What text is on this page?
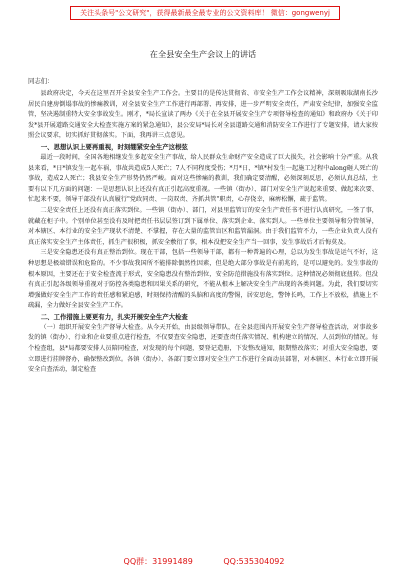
关注头条号"公文研究"，获得最新最全最专业的公文资料库！ 微信：gongwenyj
在全县安全生产会议上的讲话
同志们：

县政府决定，今天在这里召开全县安全生产工作会。主要目的是传达贯彻省、市安全生产工作会议精神，深刻吸取湖南长沙居民自建房倒塌事故的惨痛教训，对全县安全生产工作进行再部署、再安排，进一步严明安全责任，严肃安全纪律，加强安全监管，坚决遏制重特大安全事故发生。刚才，*局长宣读了两办《关于在全县开展安全生产专项督导检查的通知》和政府办《关于印发*县开展道路交通安全大检查实施方案的紧急通知》，县公安局*局长对全县道路交通和消防安全工作进行了专题安排，请大家按照会议要求，切实抓好贯彻落实。下面，我再讲三点意见。

一、思想认识上要再重视，时刻绷紧安全生产这根弦

最近一段时间，全国各地相继发生多起安全生产事故，给人民群众生命财产安全造成了巨大损失，社会影响十分严重。从我县来看，*日*镇发生一起车祸，事故共造成5人死亡；7人不同程度受伤；*月*日，*镇*村发生一起施工过程中along砸人死亡的事故，造成2人死亡；我县安全生产形势仍然严峻。面对这些惨痛的教训，我们确定要清醒，必须深刻反思，必须认真总结，主要有以下几方面的问题：一是思想认识上还没有真正引起高度重视。一些镇（街办）、部门对安全生产说起来重要、做起来次要、忙起来不要，领导干部没有认真履行"党政同责、一岗双责、齐抓共管"职责，心存侥幸，麻痹松懈，疏于监管。

二是安全责任上还没有真正落实到位。一些镇（街办）、部门，对县里监管订的安全生产责任书不进行认真研究，一签了事，就藏在柜子中。个别单位甚至没有及时把责任书层层签订到下属单位、落实到企业、落实到人。一些单位主要领导和分管领导，对本辖区、本行业的安全生产现状不清楚、不掌握，存在大量的监管盲区和监管漏洞。由于我们监管不力，一些企业负责人没有真正落实安全生产主体责任，抓生产很积极，抓安全敷衍了事，根本没把安全生产当一回事，发生事故后才后悔莫及。

三是安全隐患还没有真正整治到位。现在干部，包括一些领导干部，都有一种普遍的心理，总以为发生事故是运气不好，这种思想是极端错误和危险的。不少事故我国所不能排除偶然性因素，但是绝大部分事故是有前兆的，是可以避免的。发生事故的根本原因，主要还在于安全检查流于形式，安全隐患没有整治到位，安全防范措施没有落实到位。这种情况必须彻底扭转。但没有真正引起各级领导重视对于防控各类隐患和因果关系的研究，不能从根本上解决安全生产出现的各类问题。为此，我们要切实增强做好安全生产工作的责任感和紧迫感，时刻保持清醒的头脑和高度的警惕，居安思危，警钟长鸣，工作上不放松，措施上不疏漏，全力做好全县安全生产工作。

二、工作措施上要更有力，扎实开展安全生产大检查

（一）组织开展安全生产督导大检查。从今天开始，由县级领导带队，在全县范围内开展安全生产督导检查活动，对事故多发的镇（街办）、行业和企业要重点进行检查，不仅要查安全隐患，还要查责任落实情况、机构建立的情况、人员到位的情况。每个检查组，县*局都要安排人员陪同检查，对发现的每个问题，要登记造册，下发整改通知，限期整改落实；对重大安全隐患，要立即进行挂牌督办，确保整改到位。各镇（街办）、各部门要立即对安全生产工作进行全面动员部署，对本辖区、本行业立即开展安全自查活动，制定检查

QQ群：31991489	QQ:535304092
